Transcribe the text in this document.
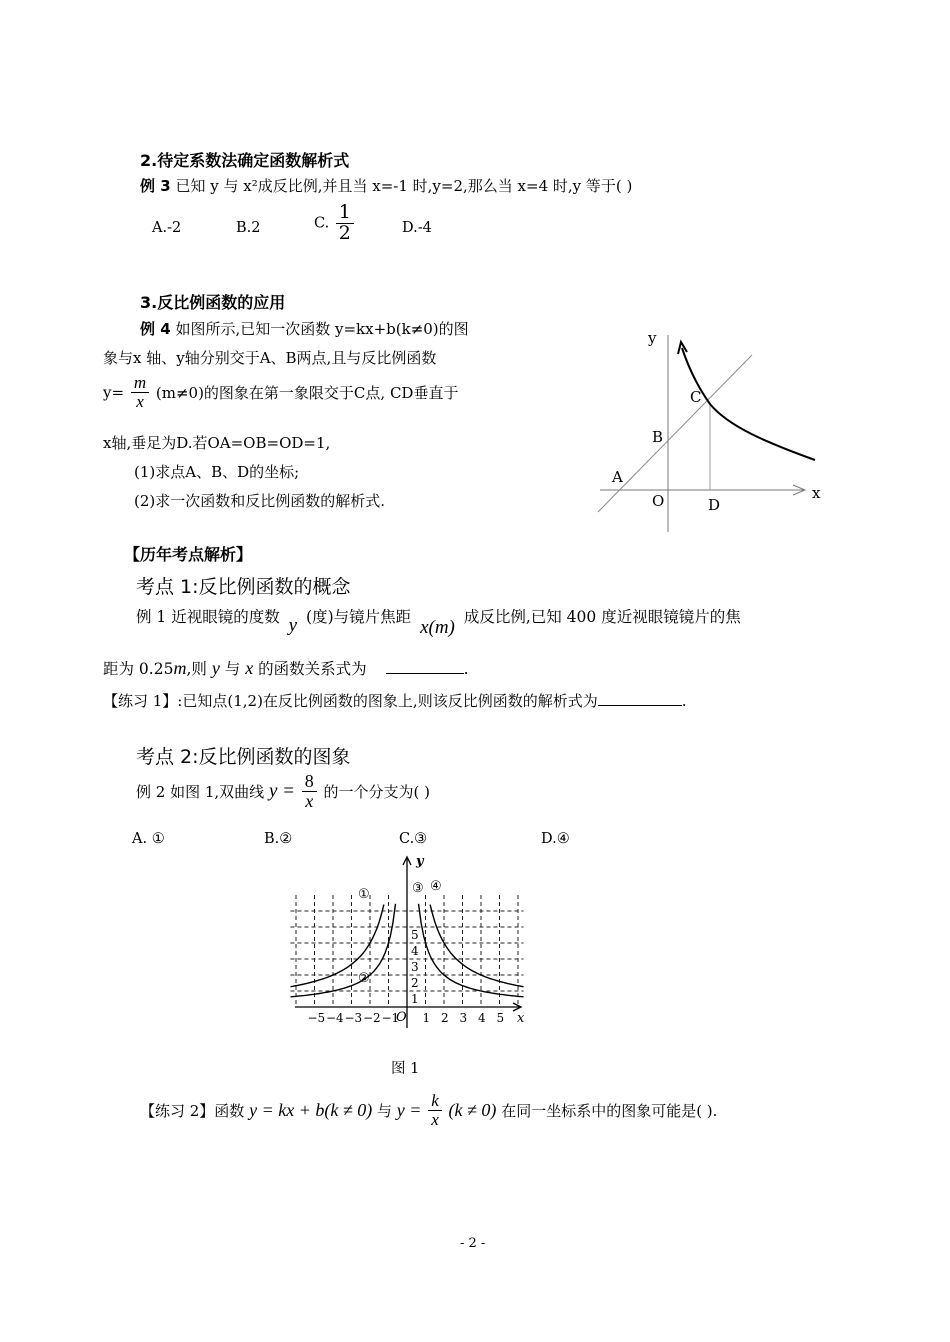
2.待定系数法确定函数解析式
例 3 已知 y 与 x²成反比例,并且当 x=-1 时,y=2,那么当 x=4 时,y 等于( )
A.-2	B.2	C. $\frac{1}{2}$	D.-4
3.反比例函数的应用
例 4 如图所示,已知一次函数 y=kx+b(k≠0)的图
象与x 轴、y轴分别交于A、B两点,且与反比例函数
$y= \frac{m}{x} (m\ne 0)$的图象在第一象限交于C点, CD垂直于
x轴,垂足为D.若OA=OB=OD=1,
(1)求点A、B、D的坐标;
(2)求一次函数和反比例函数的解析式.
y
x
A
B
C
D
O
【历年考点解析】
考点 1:反比例函数的概念
例 1 近视眼镜的度数 y (度)与镜片焦距 x(m) 成反比例,已知 400 度近视眼镜镜片的焦
距为 0.25m,则 y 与 x 的函数关系式为	.
【练习 1】:已知点(1,2)在反比例函数的图象上,则该反比例函数的解析式为	.
考点 2:反比例函数的图象
例 2 如图 1,双曲线 $y = \frac{8}{x}$ 的一个分支为( )
A. ①	B.②	C.③	D.④
−5 −4 −3 −2 −1 1 2 3 4 5
1
2
3
4
5
y
x
O
①
②
③ ④
图 1
【练习 2】函数 y = kx + b(k ≠ 0) 与 $y = \frac{k}{x} (k \ne 0)$ 在同一坐标系中的图象可能是( ).
- 2 -
